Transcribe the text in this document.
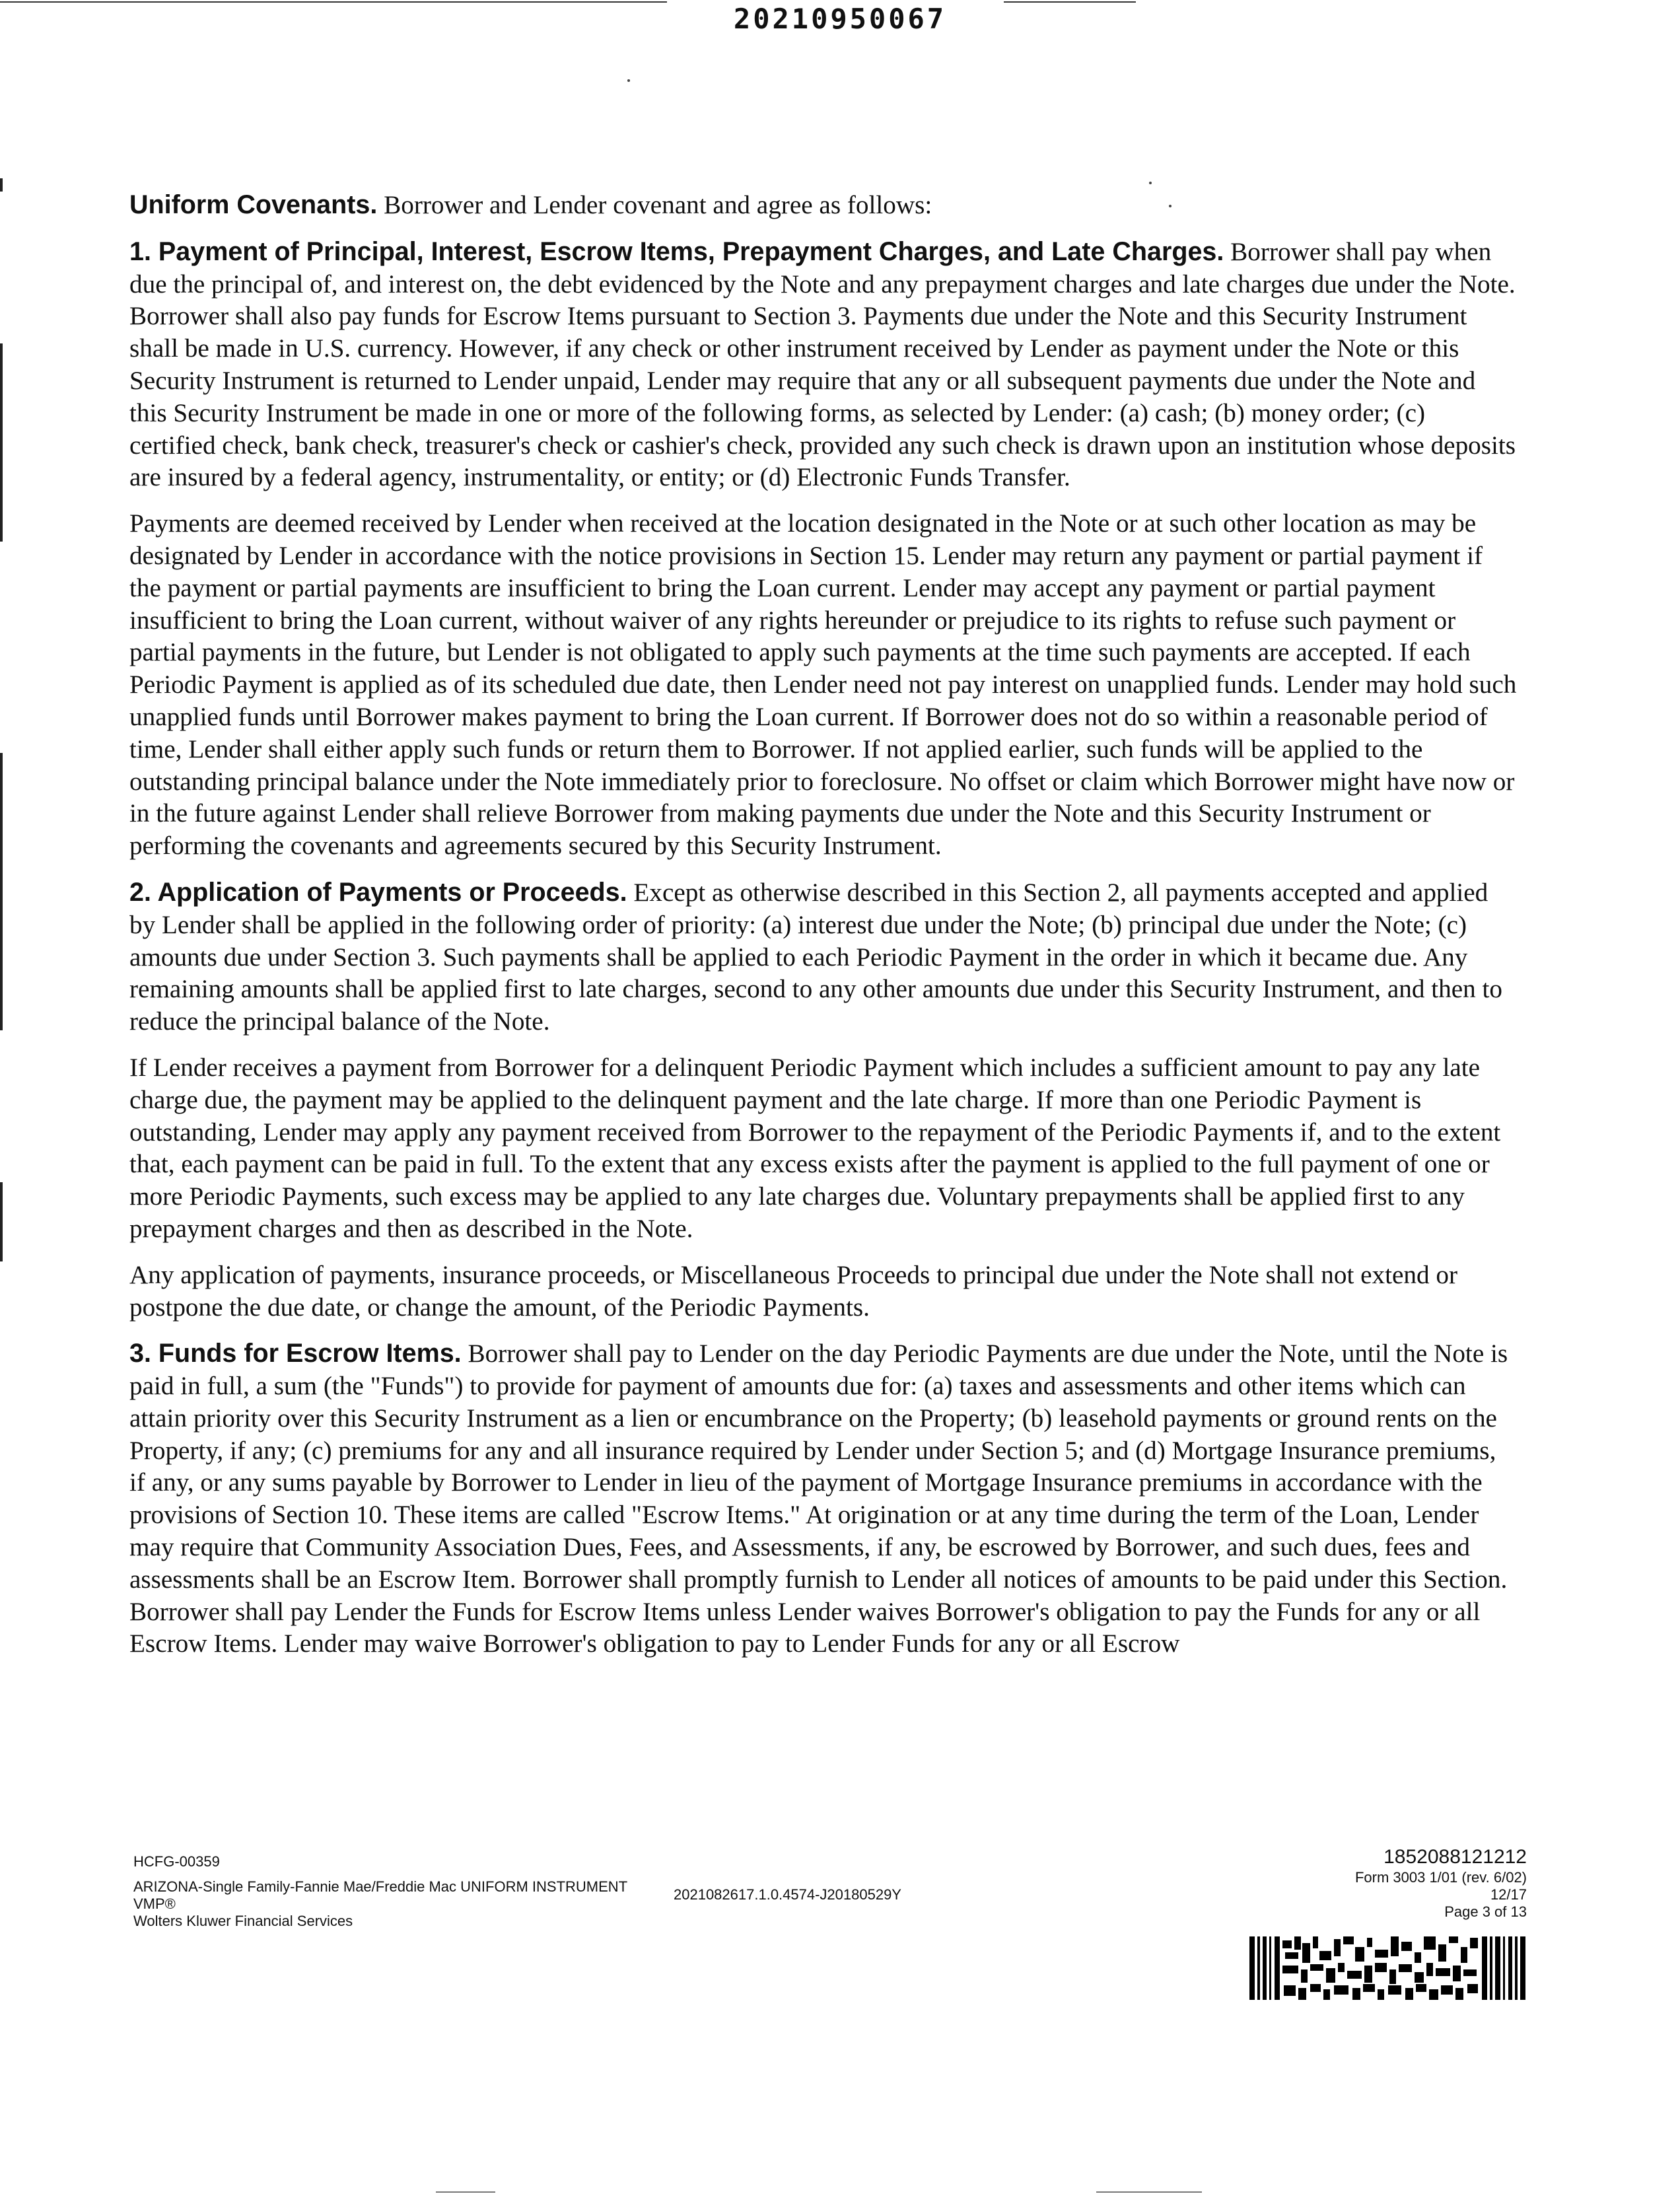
20210950067

Uniform Covenants. Borrower and Lender covenant and agree as follows:

1. Payment of Principal, Interest, Escrow Items, Prepayment Charges, and Late Charges. Borrower shall pay when due the principal of, and interest on, the debt evidenced by the Note and any prepayment charges and late charges due under the Note. Borrower shall also pay funds for Escrow Items pursuant to Section 3. Payments due under the Note and this Security Instrument shall be made in U.S. currency. However, if any check or other instrument received by Lender as payment under the Note or this Security Instrument is returned to Lender unpaid, Lender may require that any or all subsequent payments due under the Note and this Security Instrument be made in one or more of the following forms, as selected by Lender: (a) cash; (b) money order; (c) certified check, bank check, treasurer's check or cashier's check, provided any such check is drawn upon an institution whose deposits are insured by a federal agency, instrumentality, or entity; or (d) Electronic Funds Transfer.

Payments are deemed received by Lender when received at the location designated in the Note or at such other location as may be designated by Lender in accordance with the notice provisions in Section 15. Lender may return any payment or partial payment if the payment or partial payments are insufficient to bring the Loan current. Lender may accept any payment or partial payment insufficient to bring the Loan current, without waiver of any rights hereunder or prejudice to its rights to refuse such payment or partial payments in the future, but Lender is not obligated to apply such payments at the time such payments are accepted. If each Periodic Payment is applied as of its scheduled due date, then Lender need not pay interest on unapplied funds. Lender may hold such unapplied funds until Borrower makes payment to bring the Loan current. If Borrower does not do so within a reasonable period of time, Lender shall either apply such funds or return them to Borrower. If not applied earlier, such funds will be applied to the outstanding principal balance under the Note immediately prior to foreclosure. No offset or claim which Borrower might have now or in the future against Lender shall relieve Borrower from making payments due under the Note and this Security Instrument or performing the covenants and agreements secured by this Security Instrument.

2. Application of Payments or Proceeds. Except as otherwise described in this Section 2, all payments accepted and applied by Lender shall be applied in the following order of priority: (a) interest due under the Note; (b) principal due under the Note; (c) amounts due under Section 3. Such payments shall be applied to each Periodic Payment in the order in which it became due. Any remaining amounts shall be applied first to late charges, second to any other amounts due under this Security Instrument, and then to reduce the principal balance of the Note.

If Lender receives a payment from Borrower for a delinquent Periodic Payment which includes a sufficient amount to pay any late charge due, the payment may be applied to the delinquent payment and the late charge. If more than one Periodic Payment is outstanding, Lender may apply any payment received from Borrower to the repayment of the Periodic Payments if, and to the extent that, each payment can be paid in full. To the extent that any excess exists after the payment is applied to the full payment of one or more Periodic Payments, such excess may be applied to any late charges due. Voluntary prepayments shall be applied first to any prepayment charges and then as described in the Note.

Any application of payments, insurance proceeds, or Miscellaneous Proceeds to principal due under the Note shall not extend or postpone the due date, or change the amount, of the Periodic Payments.

3. Funds for Escrow Items. Borrower shall pay to Lender on the day Periodic Payments are due under the Note, until the Note is paid in full, a sum (the "Funds") to provide for payment of amounts due for: (a) taxes and assessments and other items which can attain priority over this Security Instrument as a lien or encumbrance on the Property; (b) leasehold payments or ground rents on the Property, if any; (c) premiums for any and all insurance required by Lender under Section 5; and (d) Mortgage Insurance premiums, if any, or any sums payable by Borrower to Lender in lieu of the payment of Mortgage Insurance premiums in accordance with the provisions of Section 10. These items are called "Escrow Items." At origination or at any time during the term of the Loan, Lender may require that Community Association Dues, Fees, and Assessments, if any, be escrowed by Borrower, and such dues, fees and assessments shall be an Escrow Item. Borrower shall promptly furnish to Lender all notices of amounts to be paid under this Section. Borrower shall pay Lender the Funds for Escrow Items unless Lender waives Borrower's obligation to pay the Funds for any or all Escrow Items. Lender may waive Borrower's obligation to pay to Lender Funds for any or all Escrow

HCFG-00359
ARIZONA-Single Family-Fannie Mae/Freddie Mac UNIFORM INSTRUMENT
VMP®
Wolters Kluwer Financial Services
2021082617.1.0.4574-J20180529Y
1852088121212
Form 3003 1/01 (rev. 6/02)
12/17
Page 3 of 13
